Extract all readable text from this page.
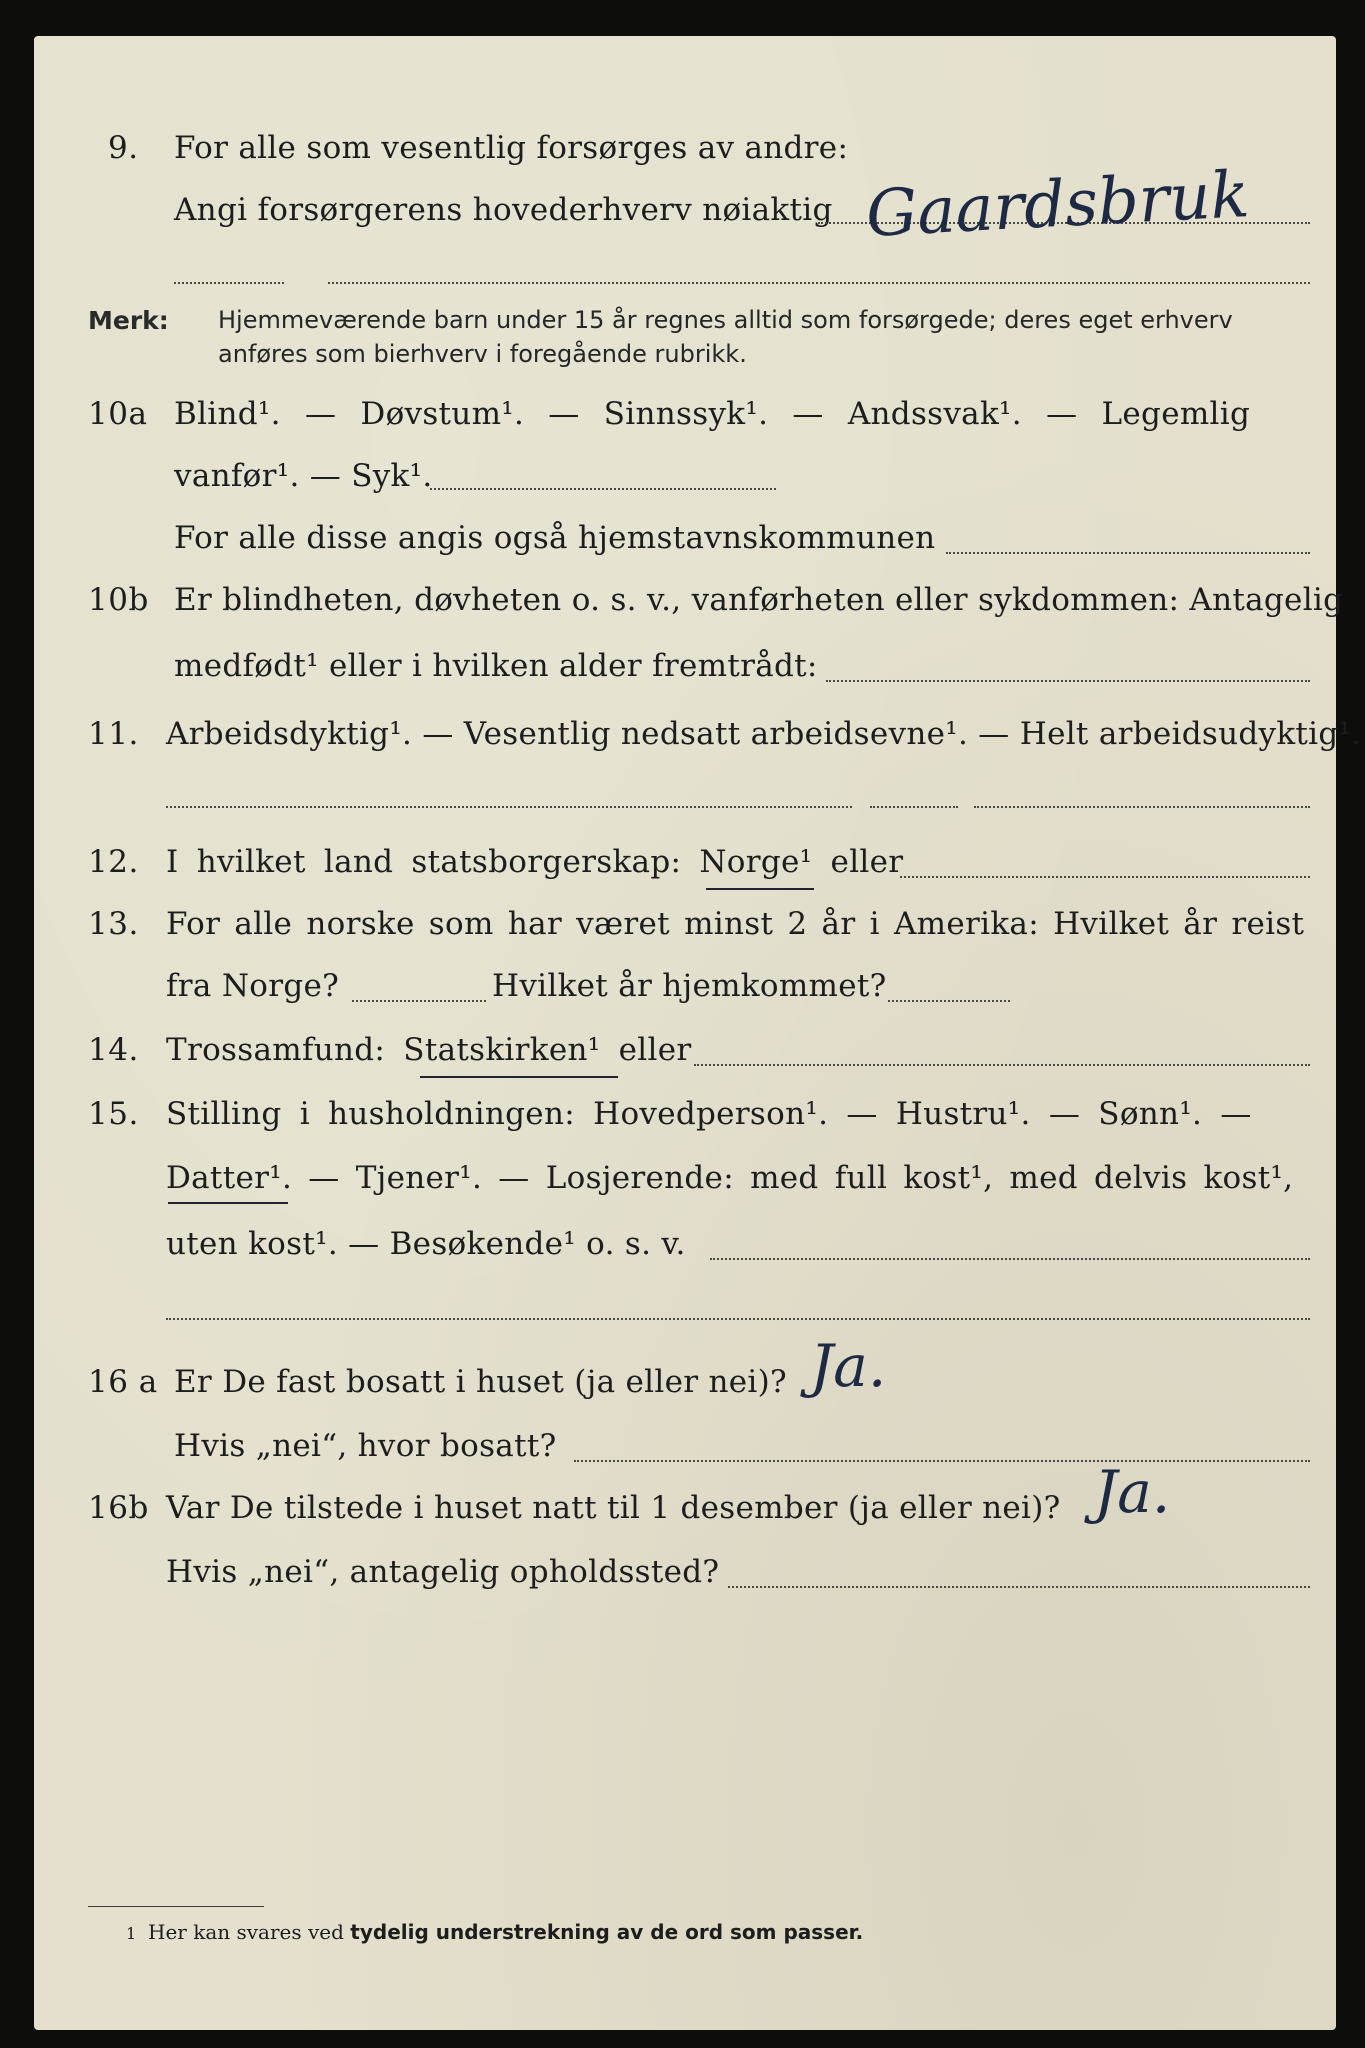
9. For alle som vesentlig forsørges av andre:
Angi forsørgerens hovederhverv nøiaktig Gaardsbruk
Merk: Hjemmeværende barn under 15 år regnes alltid som forsørgede; deres eget erhverv
anføres som bierhverv i foregående rubrikk.
10a Blind¹. — Døvstum¹. — Sinnssyk¹. — Andssvak¹. — Legemlig
vanfør¹. — Syk¹.
For alle disse angis også hjemstavnskommunen
10b Er blindheten, døvheten o. s. v., vanførheten eller sykdommen: Antagelig
medfødt¹ eller i hvilken alder fremtrådt:
11. Arbeidsdyktig¹. — Vesentlig nedsatt arbeidsevne¹. — Helt arbeidsudyktig¹.
12. I hvilket land statsborgerskap: Norge¹ eller
13. For alle norske som har været minst 2 år i Amerika: Hvilket år reist
fra Norge?	Hvilket år hjemkommet?
14. Trossamfund: Statskirken¹ eller
15. Stilling i husholdningen: Hovedperson¹. — Hustru¹. — Sønn¹. —
Datter¹. — Tjener¹. — Losjerende: med full kost¹, med delvis kost¹,
uten kost¹. — Besøkende¹ o. s. v.
16 a Er De fast bosatt i huset (ja eller nei)? Ja.
Hvis „nei“, hvor bosatt?
16b Var De tilstede i huset natt til 1 desember (ja eller nei)? Ja.
Hvis „nei“, antagelig opholdssted?
1 Her kan svares ved tydelig understrekning av de ord som passer.
